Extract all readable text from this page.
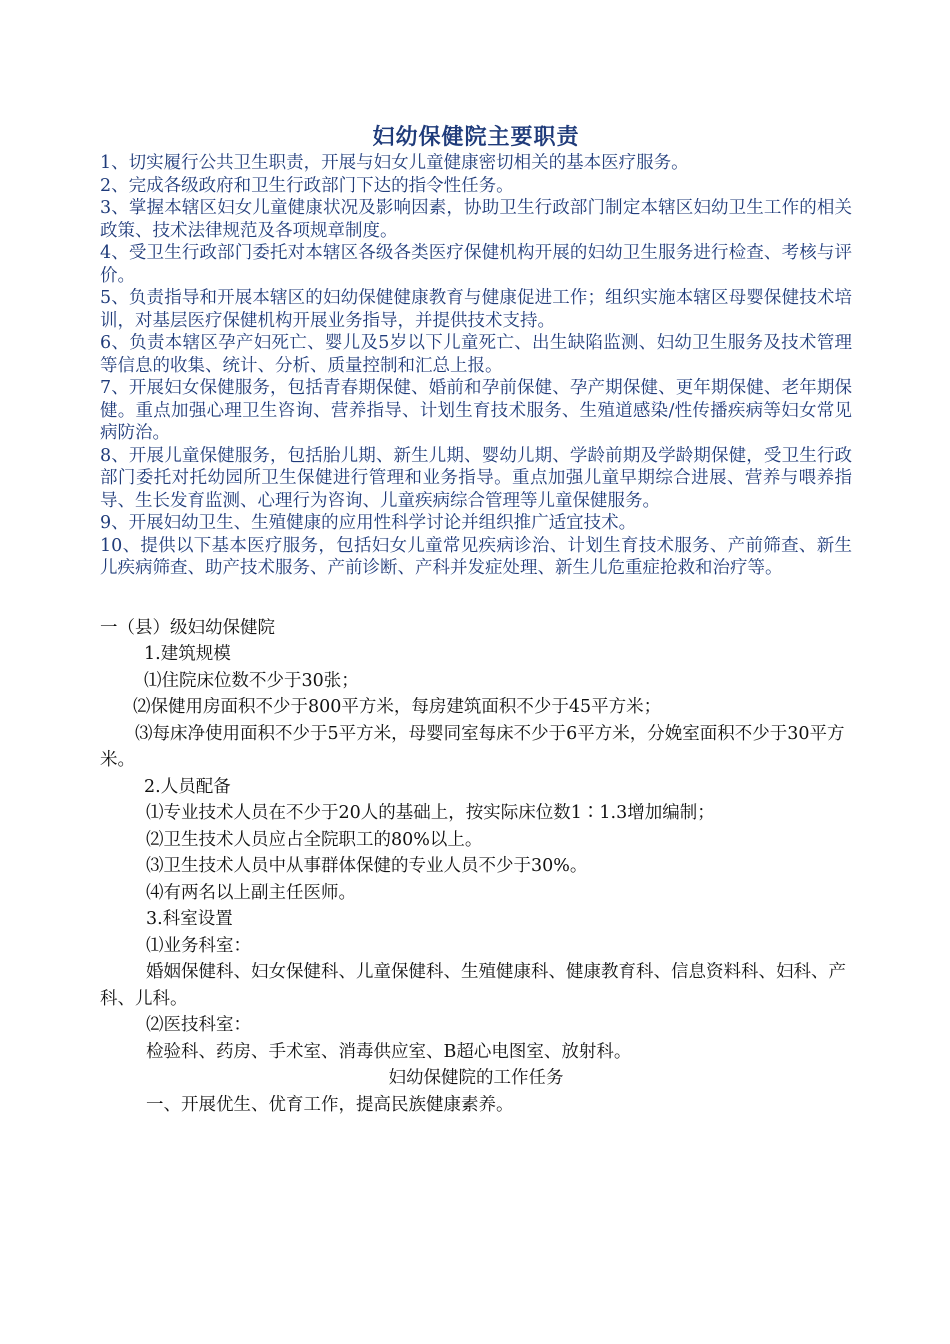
妇幼保健院主要职责

1、切实履行公共卫生职责，开展与妇女儿童健康密切相关的基本医疗服务。

2、完成各级政府和卫生行政部门下达的指令性任务。

3、掌握本辖区妇女儿童健康状况及影响因素，协助卫生行政部门制定本辖区妇幼卫生工作的相关政策、技术法律规范及各项规章制度。

4、受卫生行政部门委托对本辖区各级各类医疗保健机构开展的妇幼卫生服务进行检查、考核与评价。

5、负责指导和开展本辖区的妇幼保健健康教育与健康促进工作；组织实施本辖区母婴保健技术培训，对基层医疗保健机构开展业务指导，并提供技术支持。

6、负责本辖区孕产妇死亡、婴儿及5岁以下儿童死亡、出生缺陷监测、妇幼卫生服务及技术管理等信息的收集、统计、分析、质量控制和汇总上报。

7、开展妇女保健服务，包括青春期保健、婚前和孕前保健、孕产期保健、更年期保健、老年期保健。重点加强心理卫生咨询、营养指导、计划生育技术服务、生殖道感染/性传播疾病等妇女常见病防治。

8、开展儿童保健服务，包括胎儿期、新生儿期、婴幼儿期、学龄前期及学龄期保健，受卫生行政部门委托对托幼园所卫生保健进行管理和业务指导。重点加强儿童早期综合进展、营养与喂养指导、生长发育监测、心理行为咨询、儿童疾病综合管理等儿童保健服务。

9、开展妇幼卫生、生殖健康的应用性科学讨论并组织推广适宜技术。

10、提供以下基本医疗服务，包括妇女儿童常见疾病诊治、计划生育技术服务、产前筛查、新生儿疾病筛查、助产技术服务、产前诊断、产科并发症处理、新生儿危重症抢救和治疗等。

一（县）级妇幼保健院

1.建筑规模

⑴住院床位数不少于30张；

⑵保健用房面积不少于800平方米，每房建筑面积不少于45平方米；

⑶每床净使用面积不少于5平方米，母婴同室每床不少于6平方米，分娩室面积不少于30平方米。

2.人员配备

⑴专业技术人员在不少于20人的基础上，按实际床位数1∶1.3增加编制；

⑵卫生技术人员应占全院职工的80%以上。

⑶卫生技术人员中从事群体保健的专业人员不少于30%。

⑷有两名以上副主任医师。

3.科室设置

⑴业务科室：

婚姻保健科、妇女保健科、儿童保健科、生殖健康科、健康教育科、信息资料科、妇科、产科、儿科。

⑵医技科室：

检验科、药房、手术室、消毒供应室、B超心电图室、放射科。

妇幼保健院的工作任务

一、开展优生、优育工作，提高民族健康素养。
